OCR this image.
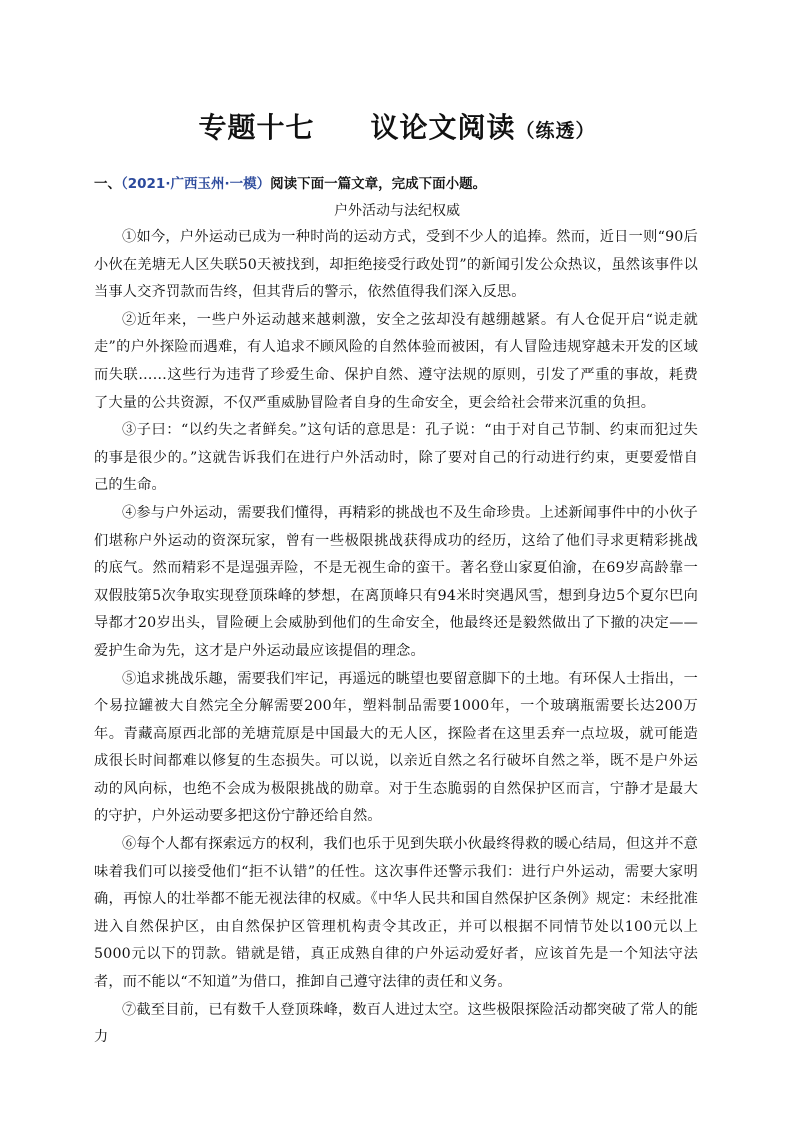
专题十七 议论文阅读（练透）
一、（2021·广西玉州·一模）阅读下面一篇文章，完成下面小题。
户外活动与法纪权威

①如今，户外运动已成为一种时尚的运动方式，受到不少人的追捧。然而，近日一则“90后小伙在羌塘无人区失联50天被找到，却拒绝接受行政处罚”的新闻引发公众热议，虽然该事件以当事人交齐罚款而告终，但其背后的警示，依然值得我们深入反思。

②近年来，一些户外运动越来越刺激，安全之弦却没有越绷越紧。有人仓促开启“说走就走”的户外探险而遇难，有人追求不顾风险的自然体验而被困，有人冒险违规穿越未开发的区域而失联……这些行为违背了珍爱生命、保护自然、遵守法规的原则，引发了严重的事故，耗费了大量的公共资源，不仅严重威胁冒险者自身的生命安全，更会给社会带来沉重的负担。

③子曰：“以约失之者鲜矣。”这句话的意思是：孔子说：“由于对自己节制、约束而犯过失的事是很少的。”这就告诉我们在进行户外活动时，除了要对自己的行动进行约束，更要爱惜自己的生命。

④参与户外运动，需要我们懂得，再精彩的挑战也不及生命珍贵。上述新闻事件中的小伙子们堪称户外运动的资深玩家，曾有一些极限挑战获得成功的经历，这给了他们寻求更精彩挑战的底气。然而精彩不是逞强弄险，不是无视生命的蛮干。著名登山家夏伯渝，在69岁高龄靠一双假肢第5次争取实现登顶珠峰的梦想，在离顶峰只有94米时突遇风雪，想到身边5个夏尔巴向导都才20岁出头，冒险硬上会威胁到他们的生命安全，他最终还是毅然做出了下撤的决定——爱护生命为先，这才是户外运动最应该提倡的理念。

⑤追求挑战乐趣，需要我们牢记，再遥远的眺望也要留意脚下的土地。有环保人士指出，一个易拉罐被大自然完全分解需要200年，塑料制品需要1000年，一个玻璃瓶需要长达200万年。青藏高原西北部的羌塘荒原是中国最大的无人区，探险者在这里丢弃一点垃圾，就可能造成很长时间都难以修复的生态损失。可以说，以亲近自然之名行破坏自然之举，既不是户外运动的风向标，也绝不会成为极限挑战的勋章。对于生态脆弱的自然保护区而言，宁静才是最大的守护，户外运动要多把这份宁静还给自然。

⑥每个人都有探索远方的权利，我们也乐于见到失联小伙最终得救的暖心结局，但这并不意味着我们可以接受他们“拒不认错”的任性。这次事件还警示我们：进行户外运动，需要大家明确，再惊人的壮举都不能无视法律的权威。《中华人民共和国自然保护区条例》规定：未经批准进入自然保护区，由自然保护区管理机构责令其改正，并可以根据不同情节处以100元以上5000元以下的罚款。错就是错，真正成熟自律的户外运动爱好者，应该首先是一个知法守法者，而不能以“不知道”为借口，推卸自己遵守法律的责任和义务。

⑦截至目前，已有数千人登顶珠峰，数百人进过太空。这些极限探险活动都突破了常人的能力
